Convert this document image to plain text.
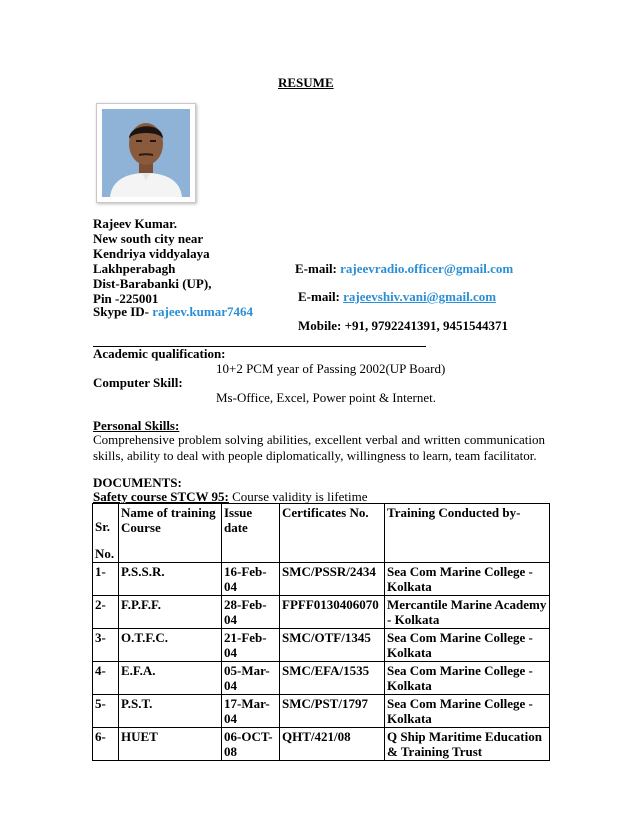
RESUME
Rajeev Kumar.
New south city near
Kendriya viddyalaya
Lakhperabagh
Dist-Barabanki (UP),
Pin -225001
Skype ID- rajeev.kumar7464
E-mail: rajeevradio.officer@gmail.com
E-mail: rajeevshiv.vani@gmail.com
Mobile: +91, 9792241391, 9451544371
Academic qualification:
10+2 PCM year of Passing 2002(UP Board)
Computer Skill:
Ms-Office, Excel, Power point & Internet.
Personal Skills:
Comprehensive problem solving abilities, excellent verbal and written communication skills, ability to deal with people diplomatically, willingness to learn, team facilitator.
DOCUMENTS:
Safety course STCW 95: Course validity is lifetime
Sr.
No.	Name of training Course	Issue date	Certificates No.	Training Conducted by-
1-	P.S.S.R.	16-Feb-04	SMC/PSSR/2434	Sea Com Marine College - Kolkata
2-	F.P.F.F.	28-Feb-04	FPFF0130406070	Mercantile Marine Academy - Kolkata
3-	O.T.F.C.	21-Feb-04	SMC/OTF/1345	Sea Com Marine College - Kolkata
4-	E.F.A.	05-Mar-04	SMC/EFA/1535	Sea Com Marine College - Kolkata
5-	P.S.T.	17-Mar-04	SMC/PST/1797	Sea Com Marine College - Kolkata
6-	HUET	06-OCT-08	QHT/421/08	Q Ship Maritime Education & Training Trust
